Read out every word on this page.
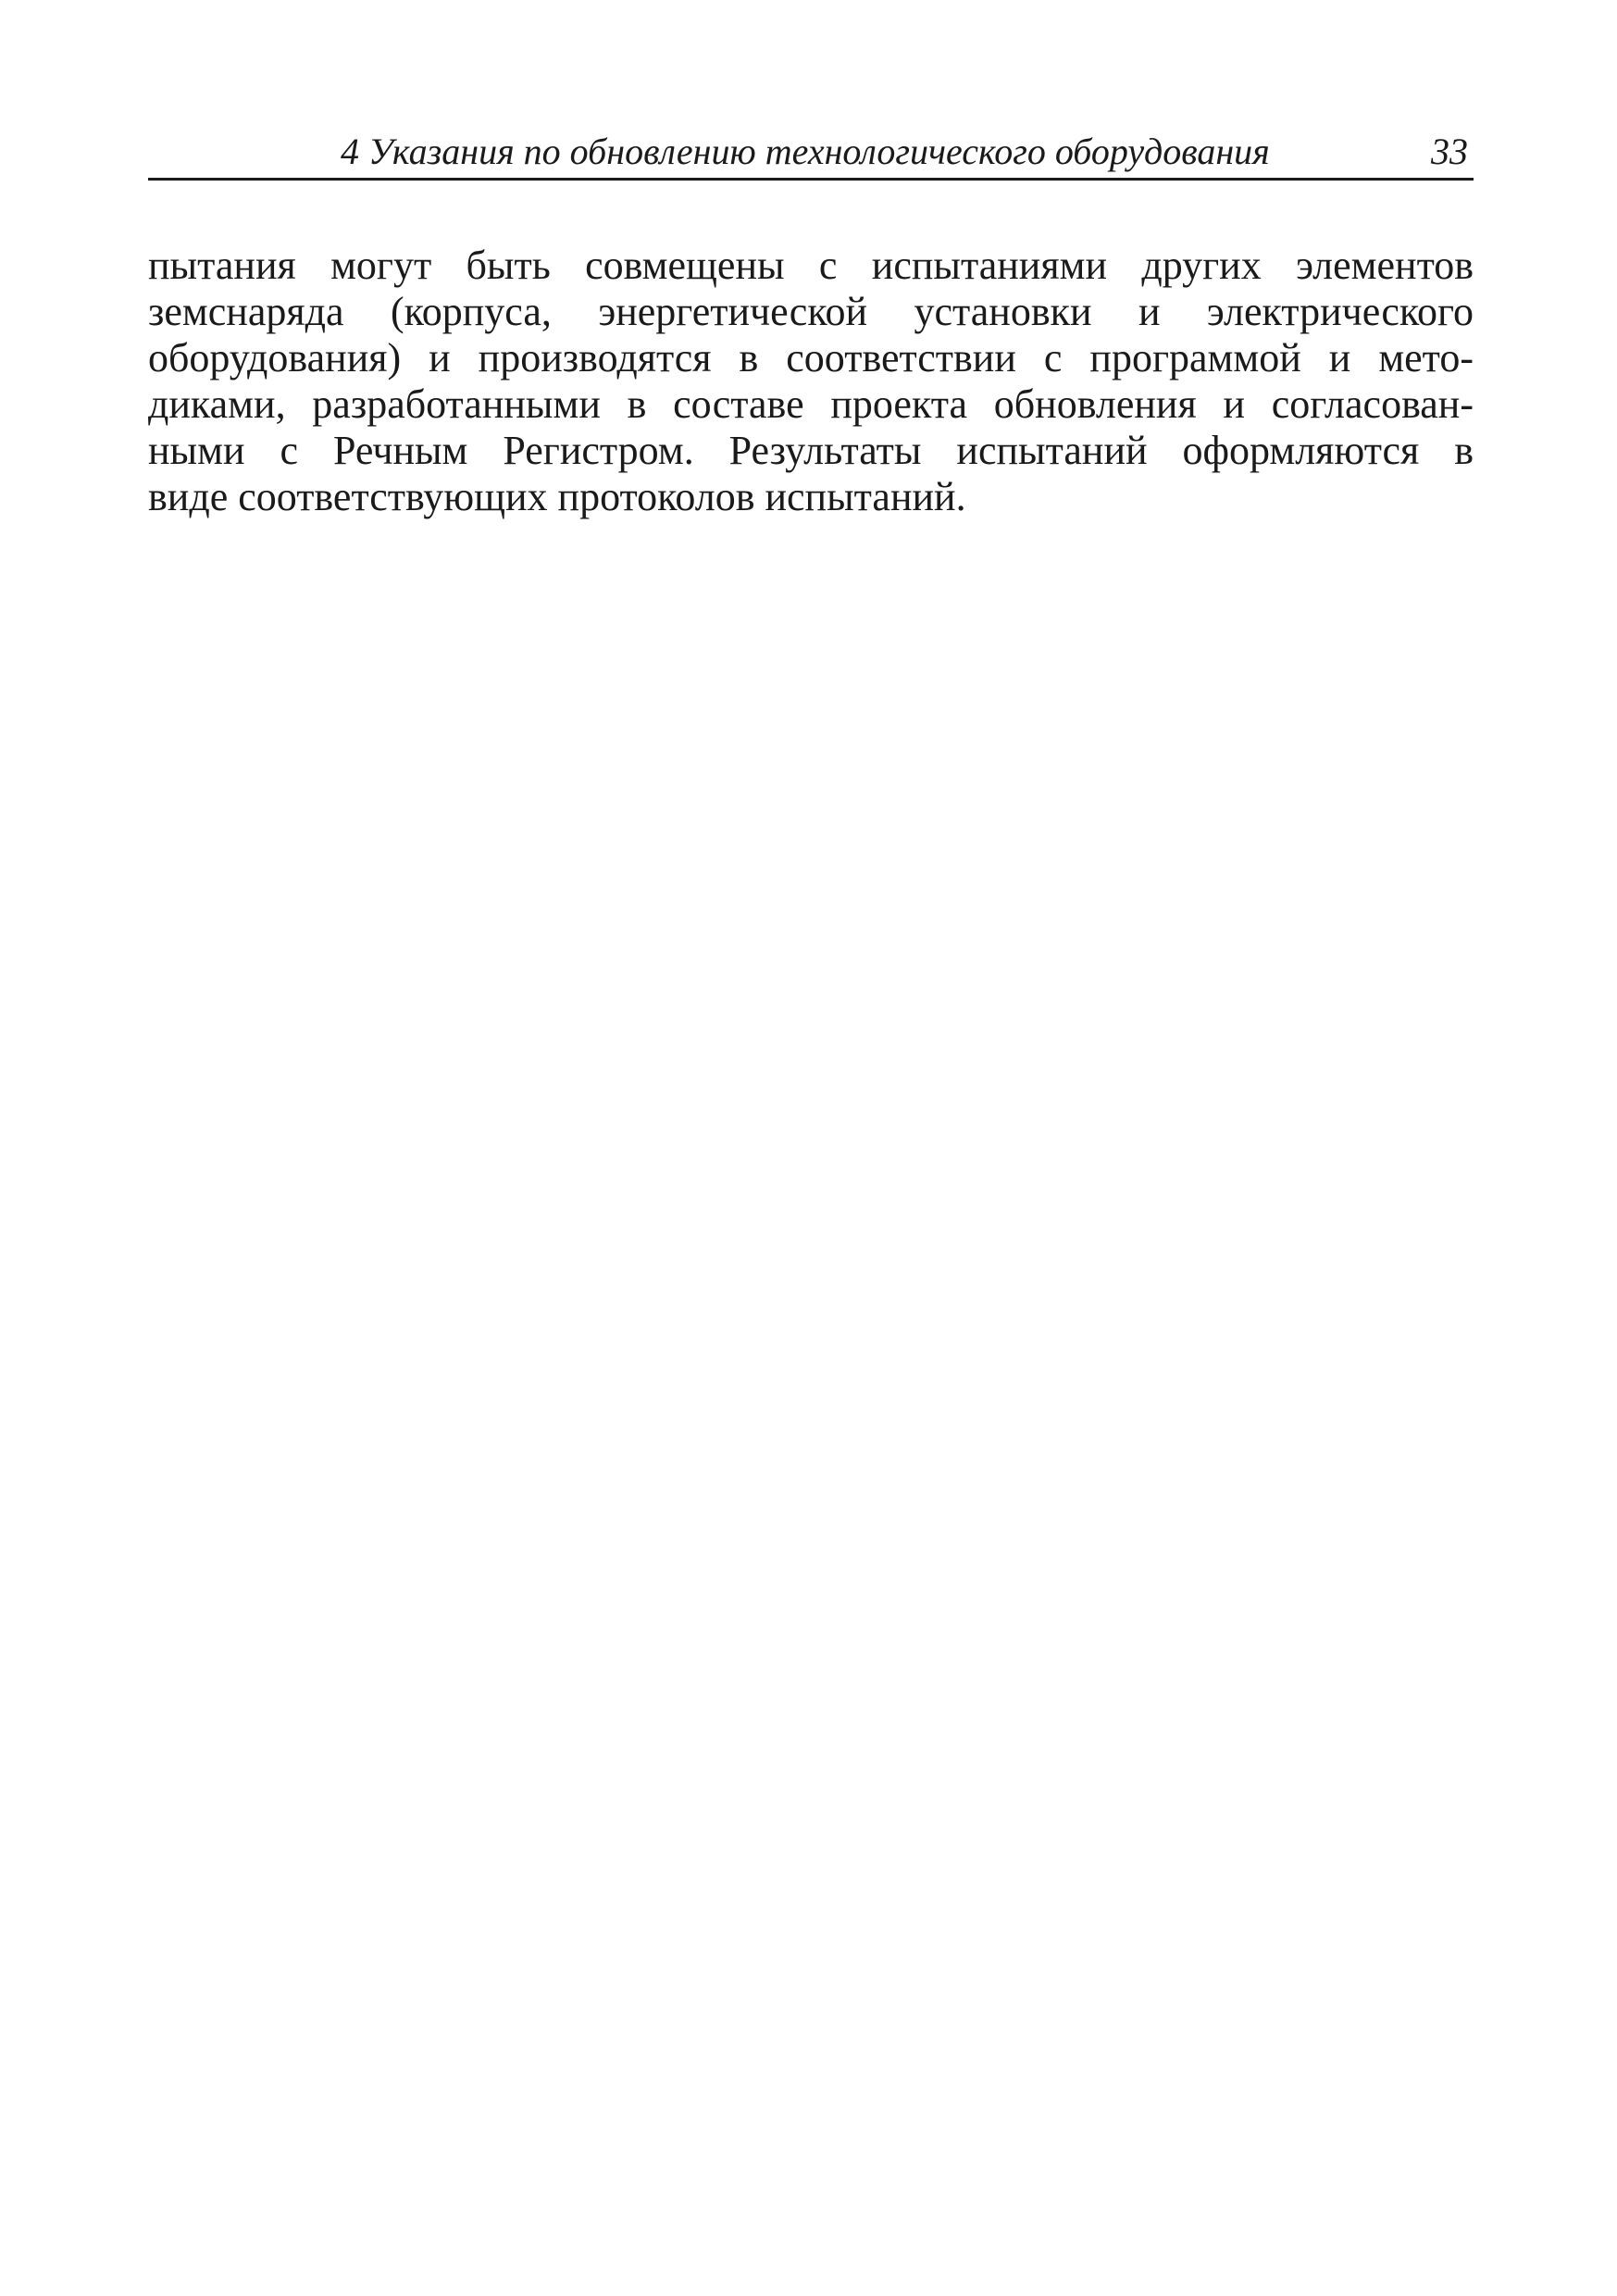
4 Указания по обновлению технологического оборудования	33

пытания могут быть совмещены с испытаниями других элементов
земснаряда (корпуса, энергетической установки и электрического
оборудования) и производятся в соответствии с программой и мето-
диками, разработанными в составе проекта обновления и согласован-
ными с Речным Регистром. Результаты испытаний оформляются в
виде соответствующих протоколов испытаний.
